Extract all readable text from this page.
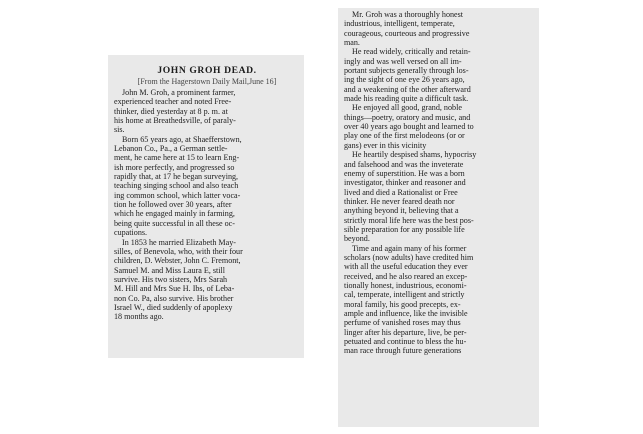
JOHN GROH DEAD.
[From the Hagerstown Daily Mail,June 16]
John M. Groh, a prominent farmer,
experienced teacher and noted Free-
thinker, died yesterday at 8 p. m. at
his home at Breathedsville, of paraly-
sis.
Born 65 years ago, at Shaefferstown,
Lebanon Co., Pa., a German settle-
ment, he came here at 15 to learn Eng-
ish more perfectly, and progressed so
rapidly that, at 17 he began surveying,
teaching singing school and also teach
ing common school, which latter voca-
tion he followed over 30 years, after
which he engaged mainly in farming,
being quite successful in all these oc-
cupations.
In 1853 he married Elizabeth May-
silles, of Benevola, who, with their four
children, D. Webster, John C. Fremont,
Samuel M. and Miss Laura E, still
survive. His two sisters, Mrs Sarah
M. Hill and Mrs Sue H. Ibs, of Leba-
non Co. Pa, also survive. His brother
Israel W., died suddenly of apoplexy
18 months ago.
Mr. Groh was a thoroughly honest
industrious, intelligent, temperate,
courageous, courteous and progressive
man.
He read widely, critically and retain-
ingly and was well versed on all im-
portant subjects generally through los-
ing the sight of one eye 26 years ago,
and a weakening of the other afterward
made his reading quite a difficult task.
He enjoyed all good, grand, noble
things—poetry, oratory and music, and
over 40 years ago bought and learned to
play one of the first melodeons (or or
gans) ever in this vicinity
He heartily despised shams, hypocrisy
and falsehood and was the inveterate
enemy of superstition. He was a born
investigator, thinker and reasoner and
lived and died a Rationalist or Free
thinker. He never feared death nor
anything beyond it, believing that a
strictly moral life here was the best pos-
sible preparation for any possible life
beyond.
Time and again many of his former
scholars (now adults) have credited him
with all the useful education they ever
received, and he also reared an excep-
tionally honest, industrious, economi-
cal, temperate, intelligent and strictly
moral family, his good precepts, ex-
ample and influence, like the invisible
perfume of vanished roses may thus
linger after his departure, live, be per-
petuated and continue to bless the hu-
man race through future generations
